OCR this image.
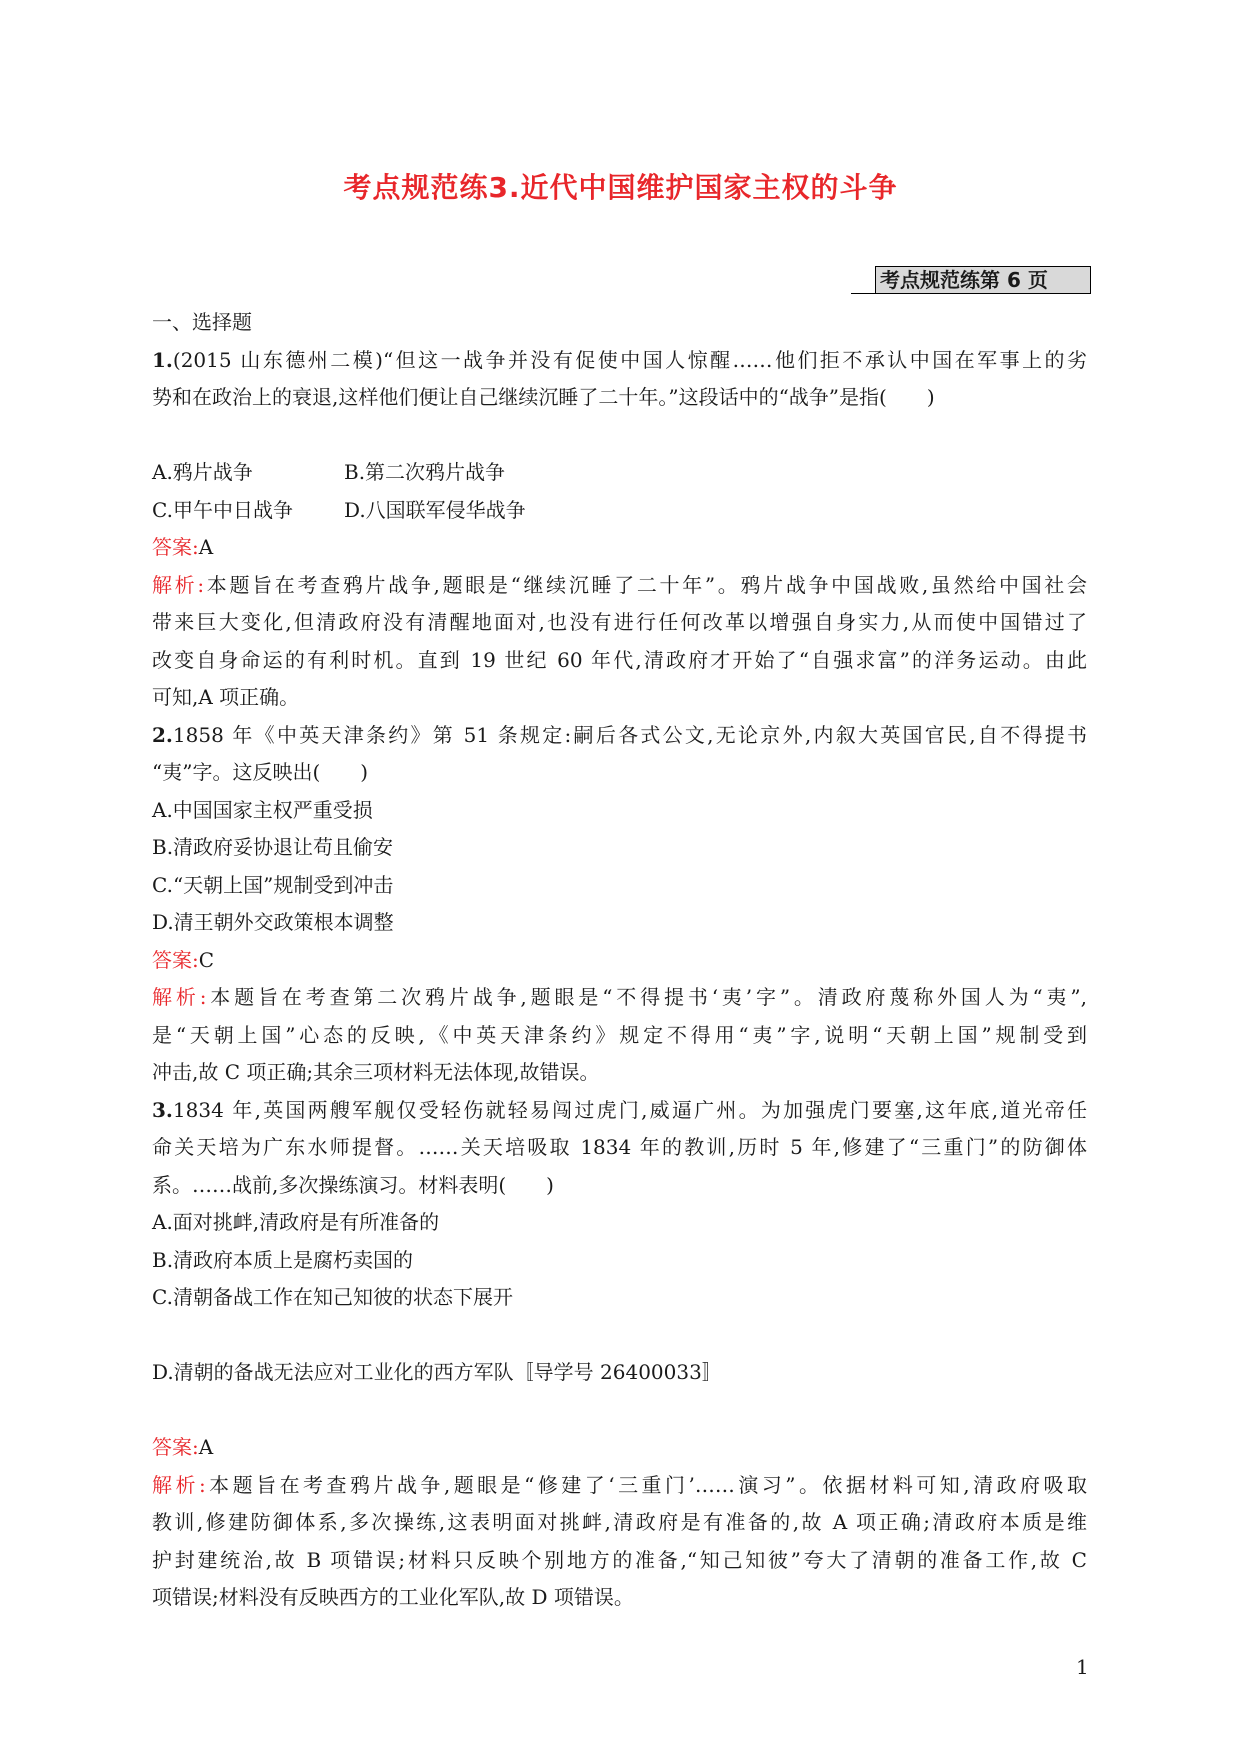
考点规范练3.近代中国维护国家主权的斗争
考点规范练第 6 页
一、选择题
1.(2015 山东德州二模)“但这一战争并没有促使中国人惊醒……他们拒不承认中国在军事上的劣
势和在政治上的衰退,这样他们便让自己继续沉睡了二十年。”这段话中的“战争”是指(　　)
A.鸦片战争	B.第二次鸦片战争
C.甲午中日战争	D.八国联军侵华战争
答案:A
解析:本题旨在考查鸦片战争,题眼是“继续沉睡了二十年”。鸦片战争中国战败,虽然给中国社会
带来巨大变化,但清政府没有清醒地面对,也没有进行任何改革以增强自身实力,从而使中国错过了
改变自身命运的有利时机。直到 19 世纪 60 年代,清政府才开始了“自强求富”的洋务运动。由此
可知,A 项正确。
2.1858 年《中英天津条约》第 51 条规定:嗣后各式公文,无论京外,内叙大英国官民,自不得提书
“夷”字。这反映出(　　)
A.中国国家主权严重受损
B.清政府妥协退让苟且偷安
C.“天朝上国”规制受到冲击
D.清王朝外交政策根本调整
答案:C
解析:本题旨在考查第二次鸦片战争,题眼是“不得提书‘夷’字”。清政府蔑称外国人为“夷”,
是“天朝上国”心态的反映,《中英天津条约》规定不得用“夷”字,说明“天朝上国”规制受到
冲击,故 C 项正确;其余三项材料无法体现,故错误。
3.1834 年,英国两艘军舰仅受轻伤就轻易闯过虎门,威逼广州。为加强虎门要塞,这年底,道光帝任
命关天培为广东水师提督。……关天培吸取 1834 年的教训,历时 5 年,修建了“三重门”的防御体
系。……战前,多次操练演习。材料表明(　　)
A.面对挑衅,清政府是有所准备的
B.清政府本质上是腐朽卖国的
C.清朝备战工作在知己知彼的状态下展开
D.清朝的备战无法应对工业化的西方军队〚导学号 26400033〛
答案:A
解析:本题旨在考查鸦片战争,题眼是“修建了‘三重门’……演习”。依据材料可知,清政府吸取
教训,修建防御体系,多次操练,这表明面对挑衅,清政府是有准备的,故 A 项正确;清政府本质是维
护封建统治,故 B 项错误;材料只反映个别地方的准备,“知己知彼”夸大了清朝的准备工作,故 C
项错误;材料没有反映西方的工业化军队,故 D 项错误。
1
